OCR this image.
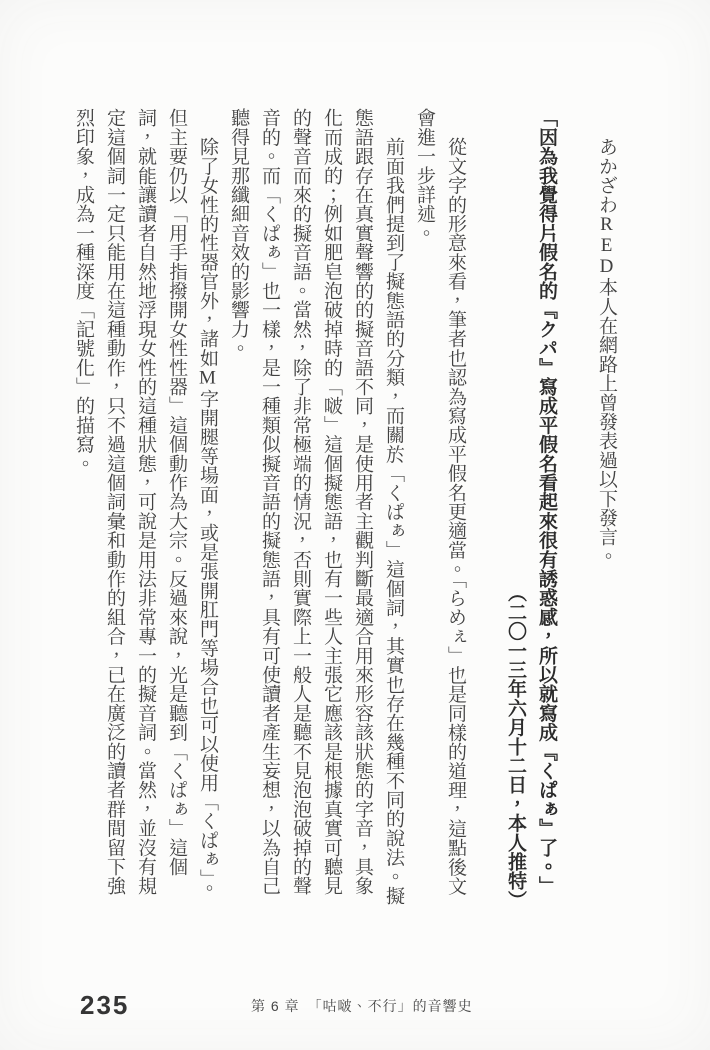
あかざわRED本人在網路上曾發表過以下發言。

「因為我覺得片假名的『クパ』寫成平假名看起來很有誘惑感，所以就寫成『くぱぁ』了。」

（二〇一三年六月十二日，本人推特）

從文字的形意來看，筆者也認為寫成平假名更適當。「らめぇ」也是同樣的道理，這點後文會進一步詳述。

前面我們提到了擬態語的分類，而關於「くぱぁ」這個詞，其實也存在幾種不同的說法。擬態語跟存在真實聲響的的擬音語不同，是使用者主觀判斷最適合用來形容該狀態的字音，具象化而成的；例如肥皂泡破掉時的「啵」這個擬態語，也有一些人主張它應該是根據真實可聽見的聲音而來的擬音語。當然，除了非常極端的情況，否則實際上一般人是聽不見泡泡破掉的聲音的。而「くぱぁ」也一樣，是一種類似擬音語的擬態語，具有可使讀者產生妄想，以為自己聽得見那纖細音效的影響力。

除了女性的性器官外，諸如M字開腿等場面，或是張開肛門等場合也可以使用「くぱぁ」。但主要仍以「用手指撥開女性性器」這個動作為大宗。反過來說，光是聽到「くぱぁ」這個詞，就能讓讀者自然地浮現女性的這種狀態，可說是用法非常專一的擬音詞。當然，並沒有規定這個詞一定只能用在這種動作，只不過這個詞彙和動作的組合，已在廣泛的讀者群間留下強烈印象，成為一種深度「記號化」的描寫。

235	第 6 章　「咕啵、不行」的音響史
